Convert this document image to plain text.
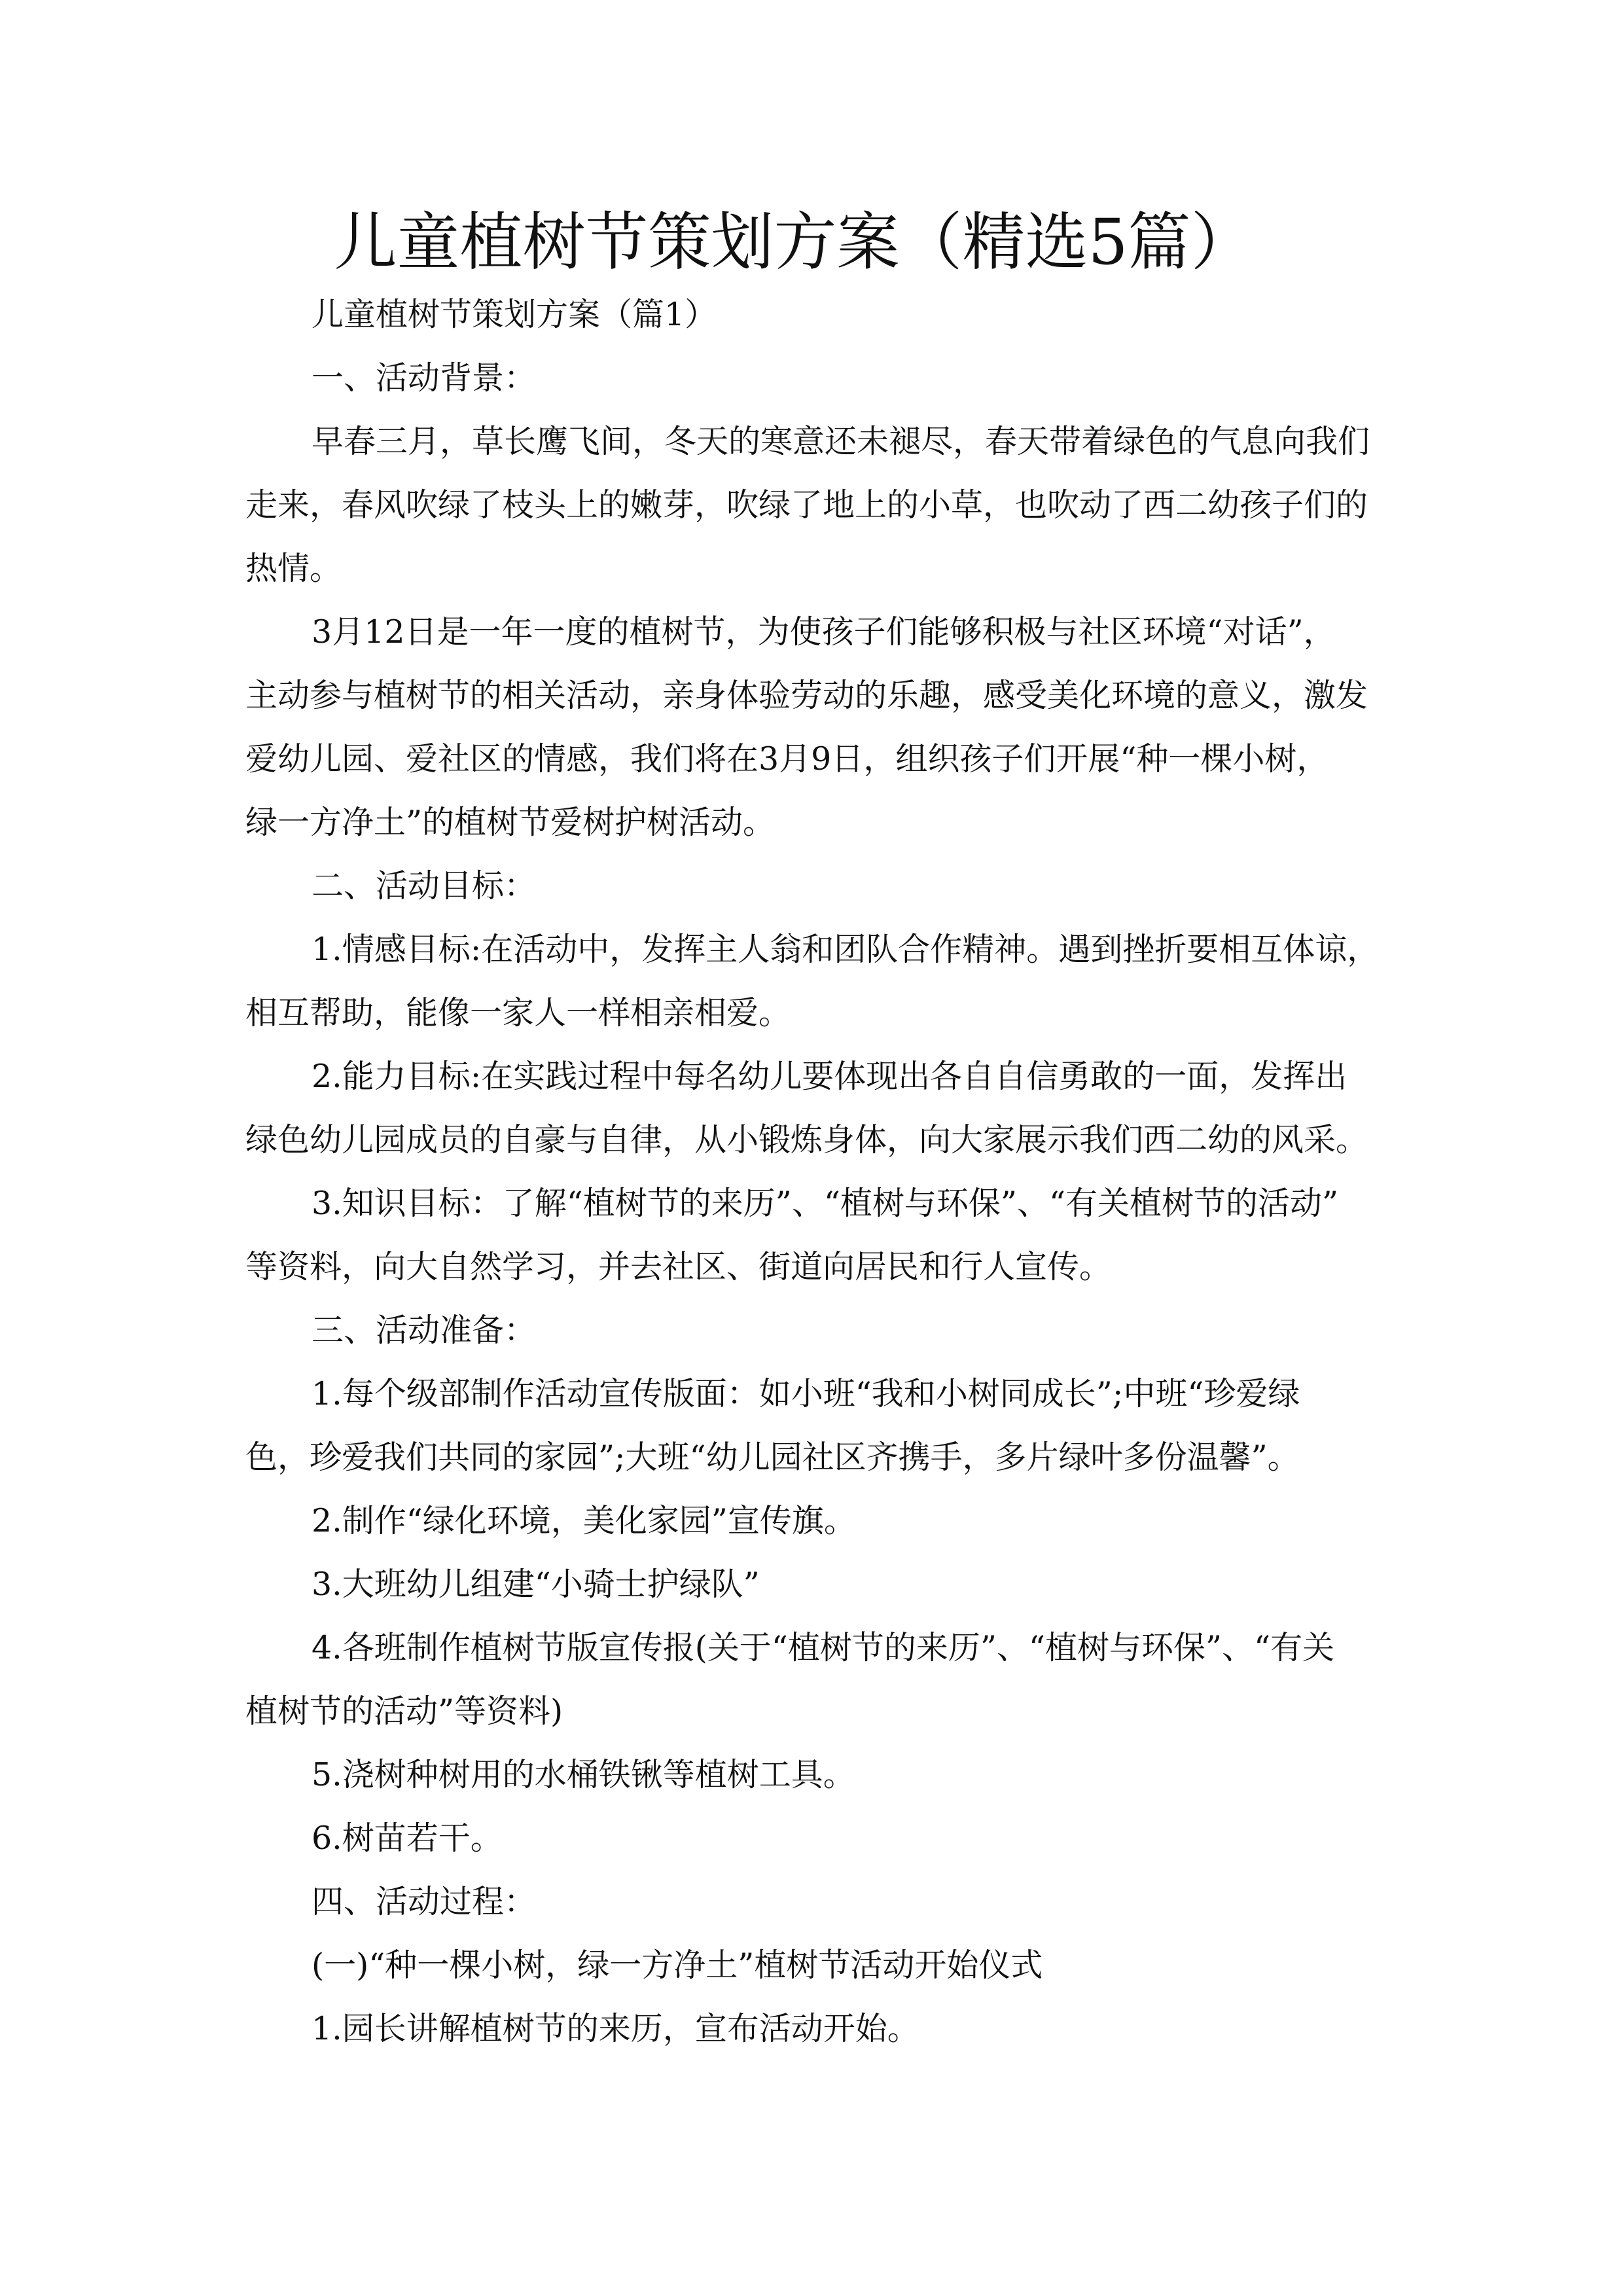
儿童植树节策划方案（精选5篇）
儿童植树节策划方案（篇1）
一、活动背景：
早春三月，草长鹰飞间，冬天的寒意还未褪尽，春天带着绿色的气息向我们
走来，春风吹绿了枝头上的嫩芽，吹绿了地上的小草，也吹动了西二幼孩子们的
热情。
3月12日是一年一度的植树节，为使孩子们能够积极与社区环境“对话”，
主动参与植树节的相关活动，亲身体验劳动的乐趣，感受美化环境的意义，激发
爱幼儿园、爱社区的情感，我们将在3月9日，组织孩子们开展“种一棵小树，
绿一方净土”的植树节爱树护树活动。
二、活动目标：
1.情感目标:在活动中，发挥主人翁和团队合作精神。遇到挫折要相互体谅，
相互帮助，能像一家人一样相亲相爱。
2.能力目标:在实践过程中每名幼儿要体现出各自自信勇敢的一面，发挥出
绿色幼儿园成员的自豪与自律，从小锻炼身体，向大家展示我们西二幼的风采。
3.知识目标：了解“植树节的来历”、“植树与环保”、“有关植树节的活动”
等资料，向大自然学习，并去社区、街道向居民和行人宣传。
三、活动准备：
1.每个级部制作活动宣传版面：如小班“我和小树同成长”;中班“珍爱绿
色，珍爱我们共同的家园”;大班“幼儿园社区齐携手，多片绿叶多份温馨”。
2.制作“绿化环境，美化家园”宣传旗。
3.大班幼儿组建“小骑士护绿队”
4.各班制作植树节版宣传报(关于“植树节的来历”、“植树与环保”、“有关
植树节的活动”等资料)
5.浇树种树用的水桶铁锹等植树工具。
6.树苗若干。
四、活动过程：
(一)“种一棵小树，绿一方净土”植树节活动开始仪式
1.园长讲解植树节的来历，宣布活动开始。
